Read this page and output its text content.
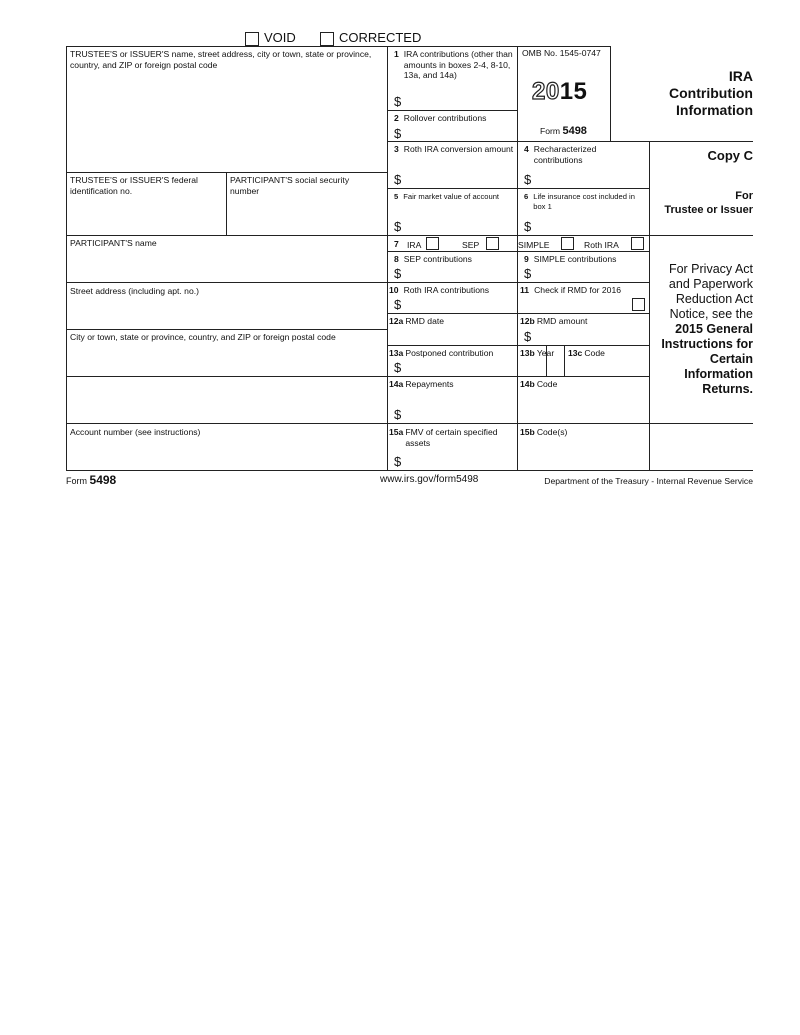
VOID	CORRECTED
TRUSTEE'S or ISSUER'S name, street address, city or town, state or province, country, and ZIP or foreign postal code
TRUSTEE'S or ISSUER'S federal identification no.
PARTICIPANT'S social security number
PARTICIPANT'S name
Street address (including apt. no.)
City or town, state or province, country, and ZIP or foreign postal code
Account number (see instructions)
1 IRA contributions (other than amounts in boxes 2-4, 8-10, 13a, and 14a)
$
OMB No. 1545-0747
2015
Form 5498
IRA
Contribution
Information
2 Rollover contributions
$
3 Roth IRA conversion amount
$
4 Recharacterized contributions
$
5 Fair market value of account
$
6 Life insurance cost included in box 1
$
7 IRA	SEP	SIMPLE	Roth IRA
8 SEP contributions
$
9 SIMPLE contributions
$
10 Roth IRA contributions
$
11 Check if RMD for 2016
12a RMD date	12b RMD amount
$
13a Postponed contribution
$
13b Year 13c Code
14a Repayments
$
14b Code
15a FMV of certain specified assets
$
15b Code(s)
Copy C
For
Trustee or Issuer
For Privacy Act
and Paperwork
Reduction Act
Notice, see the
2015 General
Instructions for
Certain
Information
Returns.
Form 5498	www.irs.gov/form5498	Department of the Treasury - Internal Revenue Service
